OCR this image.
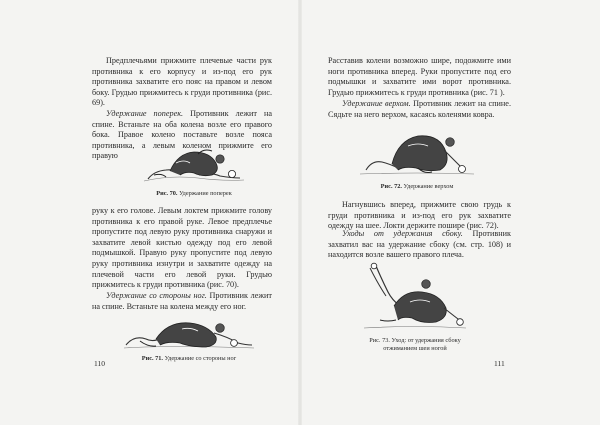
Предплечьями прижмите плечевые части рук противника к его корпусу и из-под его рук противника захватите его пояс на правом и левом боку. Грудью прижмитесь к груди противника (рис. 69).

Удержание поперек. Противник лежит на спине. Встаньте на оба колена возле его правого бока. Правое колено поставьте возле пояса противника, а левым коленом прижмите его правую

Рис. 70. Удержание поперек

руку к его голове. Левым локтем прижмите голову противника к его правой руке. Левое предплечье пропустите под левую руку противника снаружи и захватите левой кистью одежду под его левой подмышкой. Правую руку пропустите под левую руку противника изнутри и захватите одежду на плечевой части его левой руки. Грудью прижмитесь к груди противника (рис. 70).

Удержание со стороны ног. Противник лежит на спине. Встаньте на колена между его ног.

Рис. 71. Удержание со стороны ног
110

Расставив колени возможно шире, подожмите ими ноги противника вперед. Руки пропустите под его подмышки и захватите ими ворот противника. Грудью прижмитесь к груди противника (рис. 71 ).

Удержание верхом. Противник лежит на спине. Сядьте на него верхом, касаясь коленями ковра.

Рис. 72. Удержание верхом

Нагнувшись вперед, прижмите свою грудь к груди противника и из-под его рук захватите одежду на шее. Локти держите пошире (рис. 72).

Уходы от удержания сбоку. Противник захватил вас на удержание сбоку (см. стр. 108) и находится возле вашего правого плеча.

Рис. 73. Уход: от удержания сбоку
отжиманием шеи ногой
111
